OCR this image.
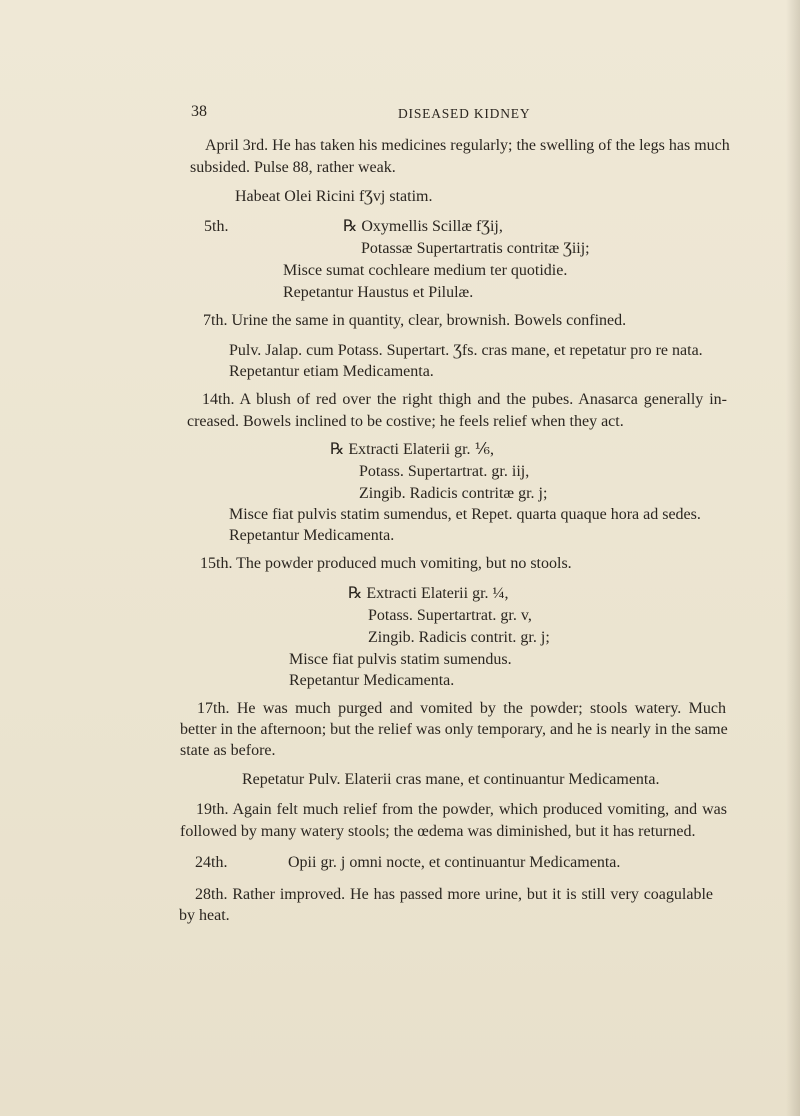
38	DISEASED KIDNEY
April 3rd. He has taken his medicines regularly; the swelling of the legs has much
subsided. Pulse 88, rather weak.
Habeat Olei Ricini fƷvj statim.
5th.	℞ Oxymellis Scillæ fƷij,
Potassæ Supertartratis contritæ Ʒiij;
Misce sumat cochleare medium ter quotidie.
Repetantur Haustus et Pilulæ.
7th. Urine the same in quantity, clear, brownish. Bowels confined.
Pulv. Jalap. cum Potass. Supertart. Ʒfs. cras mane, et repetatur pro re nata.
Repetantur etiam Medicamenta.
14th. A blush of red over the right thigh and the pubes. Anasarca generally in-
creased. Bowels inclined to be costive; he feels relief when they act.
℞ Extracti Elaterii gr. ⅙,
Potass. Supertartrat. gr. iij,
Zingib. Radicis contritæ gr. j;
Misce fiat pulvis statim sumendus, et Repet. quarta quaque hora ad sedes.
Repetantur Medicamenta.
15th. The powder produced much vomiting, but no stools.
℞ Extracti Elaterii gr. ¼,
Potass. Supertartrat. gr. v,
Zingib. Radicis contrit. gr. j;
Misce fiat pulvis statim sumendus.
Repetantur Medicamenta.
17th. He was much purged and vomited by the powder; stools watery. Much
better in the afternoon; but the relief was only temporary, and he is nearly in the same
state as before.
Repetatur Pulv. Elaterii cras mane, et continuantur Medicamenta.
19th. Again felt much relief from the powder, which produced vomiting, and was
followed by many watery stools; the œdema was diminished, but it has returned.
24th.	Opii gr. j omni nocte, et continuantur Medicamenta.
28th. Rather improved. He has passed more urine, but it is still very coagulable
by heat.
